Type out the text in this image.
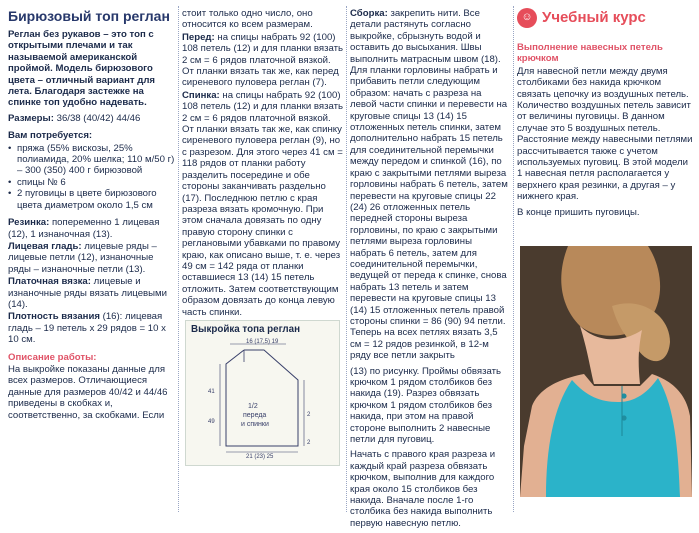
Бирюзовый топ реглан

Реглан без рукавов – это топ с открытыми плечами и так называемой американской проймой. Модель бирюзового цвета – отличный вариант для лета. Благодаря застежке на спинке топ удобно надевать.

Размеры: 36/38 (40/42) 44/46

Вам потребуется:

• пряжа (55% вискозы, 25% полиамида, 20% шелка; 110 м/50 г) – 300 (350) 400 г бирюзовой
• спицы № 6
• 2 пуговицы в цвете бирюзового цвета диаметром около 1,5 см

Резинка: попеременно 1 лицевая (12), 1 изнаночная (13).

Лицевая гладь: лицевые ряды – лицевые петли (12), изнаночные ряды – изнаночные петли (13).

Платочная вязка: лицевые и изнаночные ряды вязать лицевыми (14).

Плотность вязания (16): лицевая гладь – 19 петель x 29 рядов = 10 x 10 см.

Описание работы:

На выкройке показаны данные для всех размеров. Отличающиеся данные для размеров 40/42 и 44/46 приведены в скобках и, соответственно, за скобками. Если

стоит только одно число, оно относится ко всем размерам.

Перед: на спицы набрать 92 (100) 108 петель (12) и для планки вязать 2 см = 6 рядов платочной вязкой. От планки вязать так же, как перед сиреневого пуловера реглан (7).

Спинка: на спицы набрать 92 (100) 108 петель (12) и для планки вязать 2 см = 6 рядов платочной вязкой. От планки вязать так же, как спинку сиреневого пуловера реглан (9), но с разрезом. Для этого через 41 см = 118 рядов от планки работу разделить посередине и обе стороны заканчивать раздельно (17). Последнюю петлю с края разреза вязать кромочную. При этом сначала довязать по одну правую сторону спинки с реглановыми убавками по правому краю, как описано выше, т. е. через 49 см = 142 ряда от планки оставшиеся 13 (14) 15 петель отложить. Затем соответствующим образом довязать до конца левую часть спинки.

Выкройка топа реглан
16 (17,5) 19
1/2
переда
и спинки
21 (23) 25
41
49
2
2

Сборка: закрепить нити. Все детали растянуть согласно выкройке, сбрызнуть водой и оставить до высыхания. Швы выполнить матрасным швом (18). Для планки горловины набрать и прибавить петли следующим образом: начать с разреза на левой части спинки и перевести на круговые спицы 13 (14) 15 отложенных петель спинки, затем дополнительно набрать 15 петель для соединительной перемычки между передом и спинкой (16), по краю с закрытыми петлями выреза горловины набрать 6 петель, затем перевести на круговые спицы 22 (24) 26 отложенных петель передней стороны выреза горловины, по краю с закрытыми петлями выреза горловины набрать 6 петель, затем для соединительной перемычки, ведущей от переда к спинке, снова набрать 13 петель и затем перевести на круговые спицы 13 (14) 15 отложенных петель правой стороны спинки = 86 (90) 94 петли. Теперь на всех петлях вязать 3,5 см = 12 рядов резинкой, в 12-м ряду все петли закрыть

(13) по рисунку. Проймы обвязать крючком 1 рядом столбиков без накида (19). Разрез обвязать крючком 1 рядом столбиков без накида, при этом на правой стороне выполнить 2 навесные петли для пуговиц.

Начать с правого края разреза и каждый край разреза обвязать крючком, выполнив для каждого края около 15 столбиков без накида. Вначале после 1-го столбика без накида выполнить первую навесную петлю.

☺ Учебный курс

Выполнение навесных петель крючком

Для навесной петли между двумя столбиками без накида крючком связать цепочку из воздушных петель. Количество воздушных петель зависит от величины пуговицы. В данном случае это 5 воздушных петель. Расстояние между навесными петлями рассчитывается также с учетом используемых пуговиц. В этой модели 1 навесная петля располагается у верхнего края резинки, а другая – у нижнего края.

В конце пришить пуговицы.
